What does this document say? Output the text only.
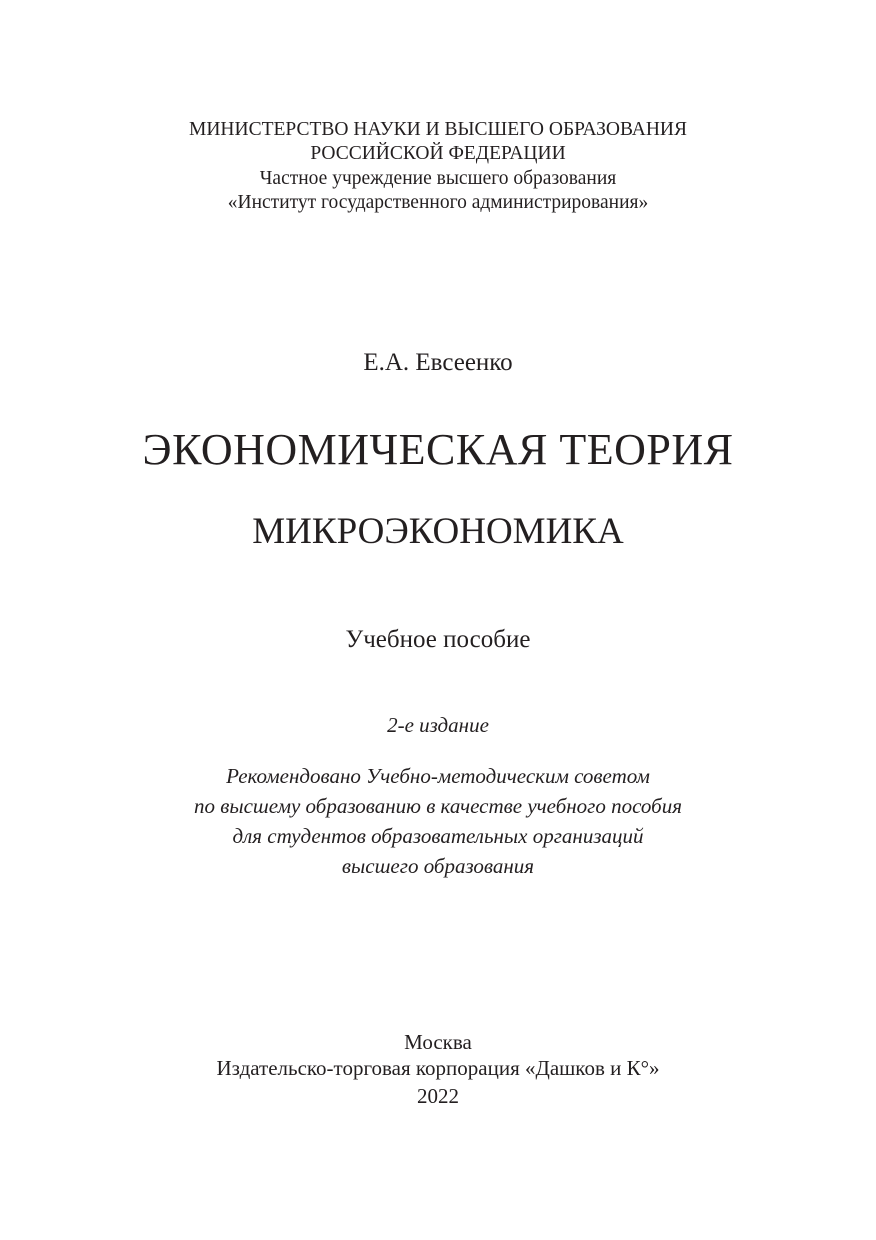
МИНИСТЕРСТВО НАУКИ И ВЫСШЕГО ОБРАЗОВАНИЯ
РОССИЙСКОЙ ФЕДЕРАЦИИ
Частное учреждение высшего образования
«Институт государственного администрирования»
Е.А. Евсеенко
ЭКОНОМИЧЕСКАЯ ТЕОРИЯ
МИКРОЭКОНОМИКА
Учебное пособие
2-е издание
Рекомендовано Учебно-методическим советом
по высшему образованию в качестве учебного пособия
для студентов образовательных организаций
высшего образования
Москва
Издательско-торговая корпорация «Дашков и К°»
2022
